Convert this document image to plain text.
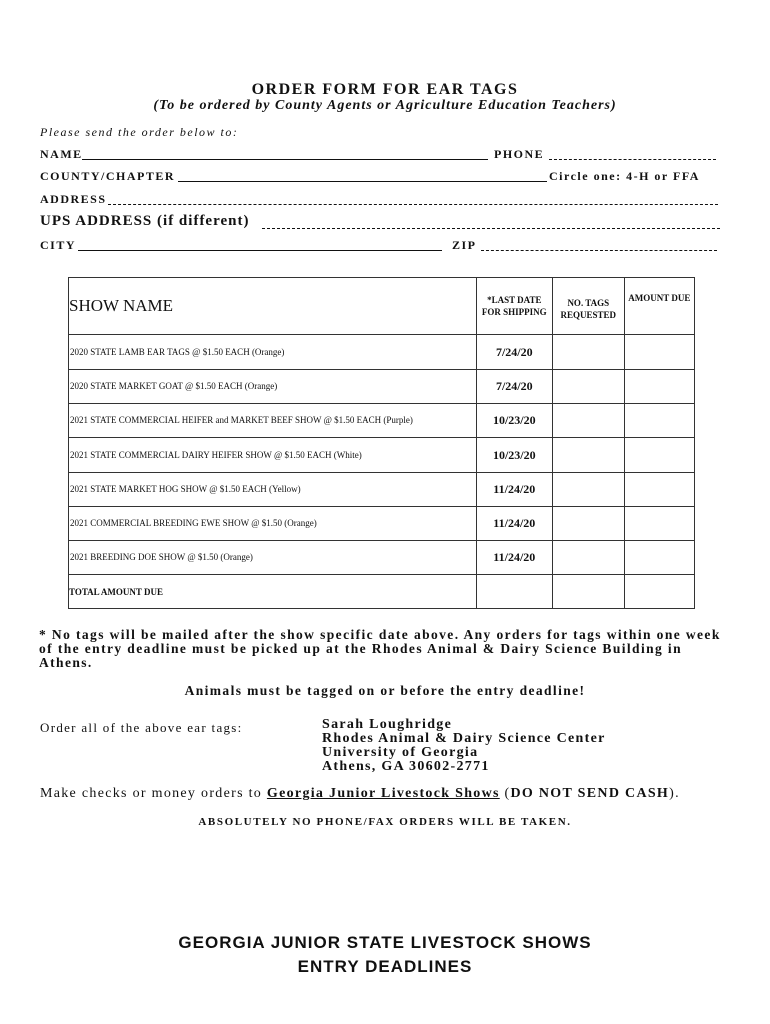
ORDER FORM FOR EAR TAGS
(To be ordered by County Agents or Agriculture Education Teachers)
Please send the order below to:
NAME	PHONE
COUNTY/CHAPTER	Circle one: 4-H or FFA
ADDRESS
UPS ADDRESS (if different)
CITY	ZIP
SHOW NAME	*LAST DATE FOR SHIPPING	NO. TAGS REQUESTED	AMOUNT DUE
2020 STATE LAMB EAR TAGS @ $1.50 EACH (Orange)	7/24/20		
2020 STATE MARKET GOAT @ $1.50 EACH (Orange)	7/24/20		
2021 STATE COMMERCIAL HEIFER and MARKET BEEF SHOW @ $1.50 EACH (Purple)	10/23/20		

2021 STATE COMMERCIAL DAIRY HEIFER SHOW @ $1.50 EACH (White)	10/23/20		
2021 STATE MARKET HOG SHOW @ $1.50 EACH (Yellow)	11/24/20		
2021 COMMERCIAL BREEDING EWE SHOW @ $1.50 (Orange)	11/24/20		
2021 BREEDING DOE SHOW @ $1.50 (Orange)	11/24/20		
TOTAL AMOUNT DUE			
* No tags will be mailed after the show specific date above. Any orders for tags within one week of the entry deadline must be picked up at the Rhodes Animal & Dairy Science Building in Athens.
Animals must be tagged on or before the entry deadline!
Order all of the above ear tags:	Sarah Loughridge
Rhodes Animal & Dairy Science Center
University of Georgia
Athens, GA 30602-2771
Make checks or money orders to Georgia Junior Livestock Shows (DO NOT SEND CASH).
ABSOLUTELY NO PHONE/FAX ORDERS WILL BE TAKEN.
GEORGIA JUNIOR STATE LIVESTOCK SHOWS
ENTRY DEADLINES
